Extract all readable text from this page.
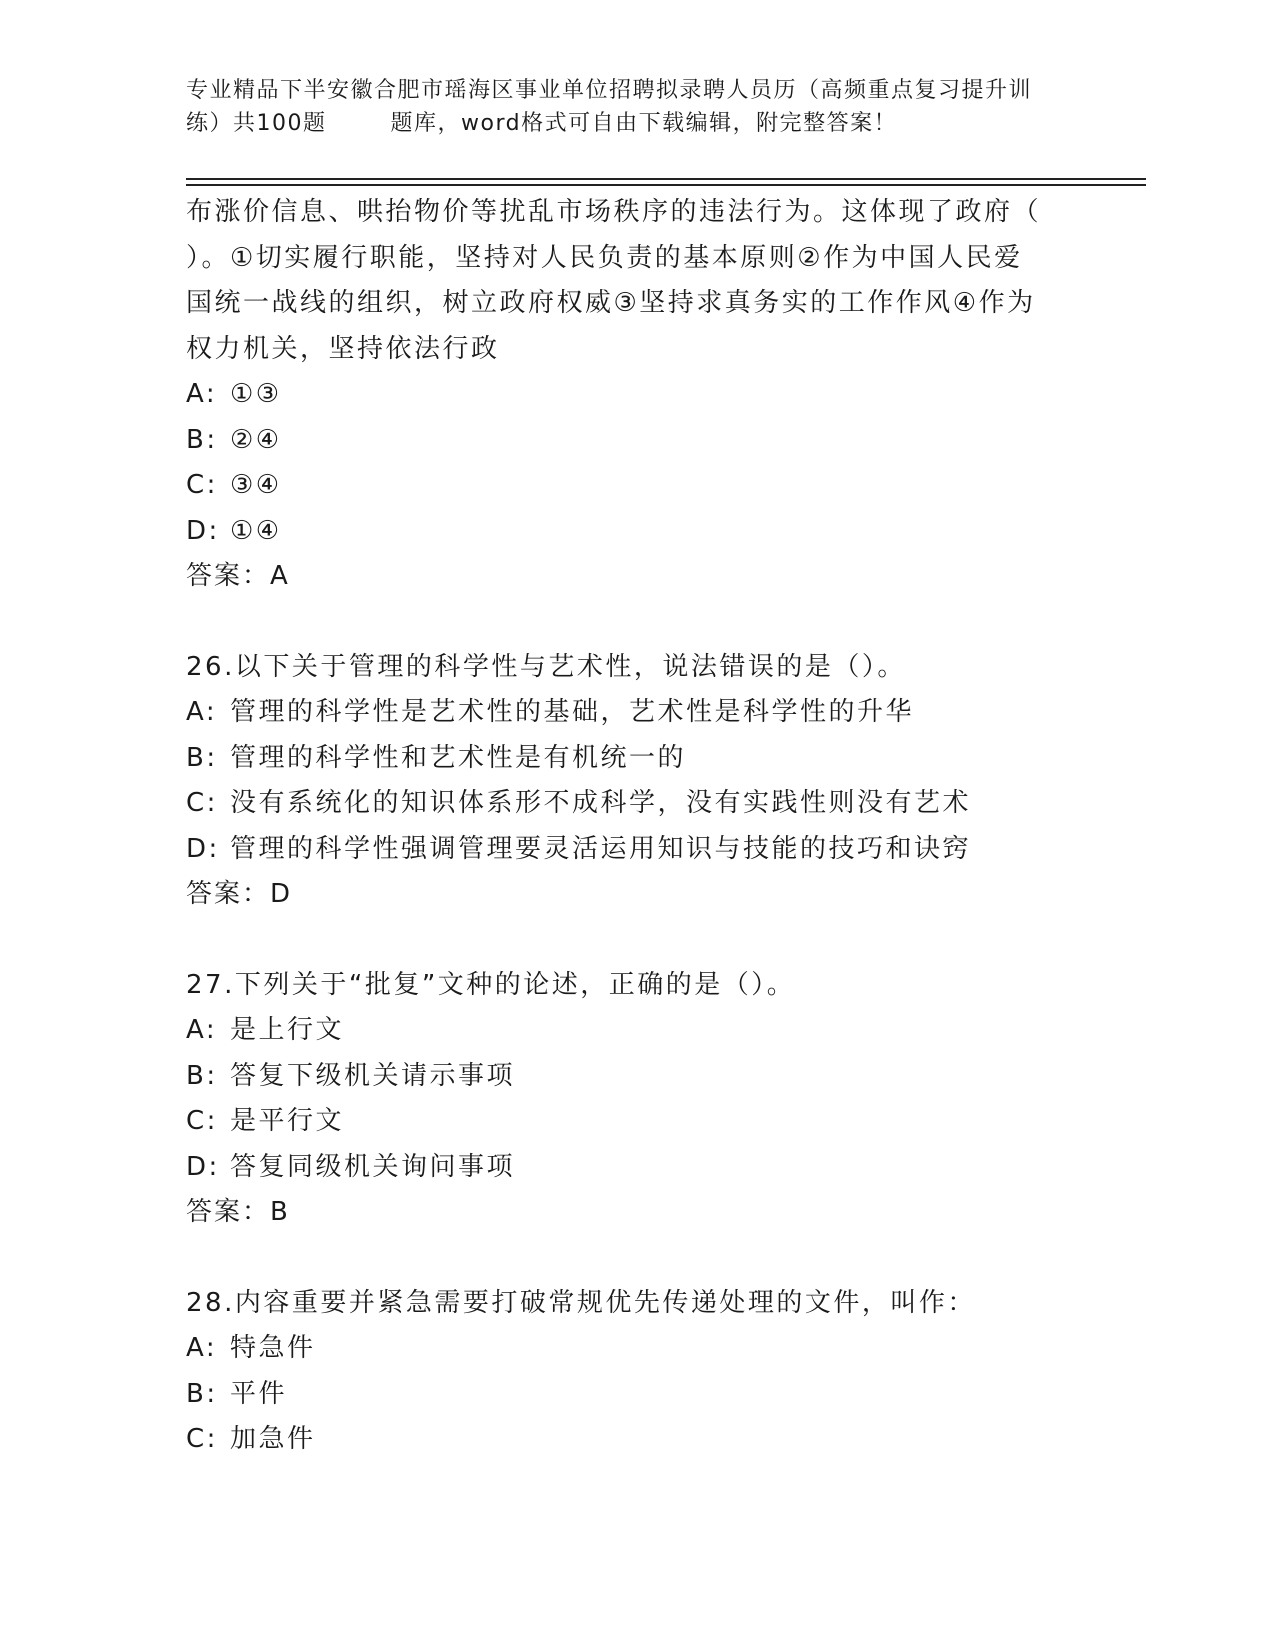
专业精品下半安徽合肥市瑶海区事业单位招聘拟录聘人员历（高频重点复习提升训
练）共100题	题库，word格式可自由下载编辑，附完整答案！
布涨价信息、哄抬物价等扰乱市场秩序的违法行为。这体现了政府（
）。①切实履行职能，坚持对人民负责的基本原则②作为中国人民爱
国统一战线的组织，树立政府权威③坚持求真务实的工作作风④作为
权力机关，坚持依法行政
A: ①③
B: ②④
C: ③④
D: ①④
答案：A
26.以下关于管理的科学性与艺术性，说法错误的是（）。
A: 管理的科学性是艺术性的基础，艺术性是科学性的升华
B: 管理的科学性和艺术性是有机统一的
C: 没有系统化的知识体系形不成科学，没有实践性则没有艺术
D: 管理的科学性强调管理要灵活运用知识与技能的技巧和诀窍
答案：D
27.下列关于“批复”文种的论述，正确的是（）。
A: 是上行文
B: 答复下级机关请示事项
C: 是平行文
D: 答复同级机关询问事项
答案：B
28.内容重要并紧急需要打破常规优先传递处理的文件，叫作：
A: 特急件
B: 平件
C: 加急件
